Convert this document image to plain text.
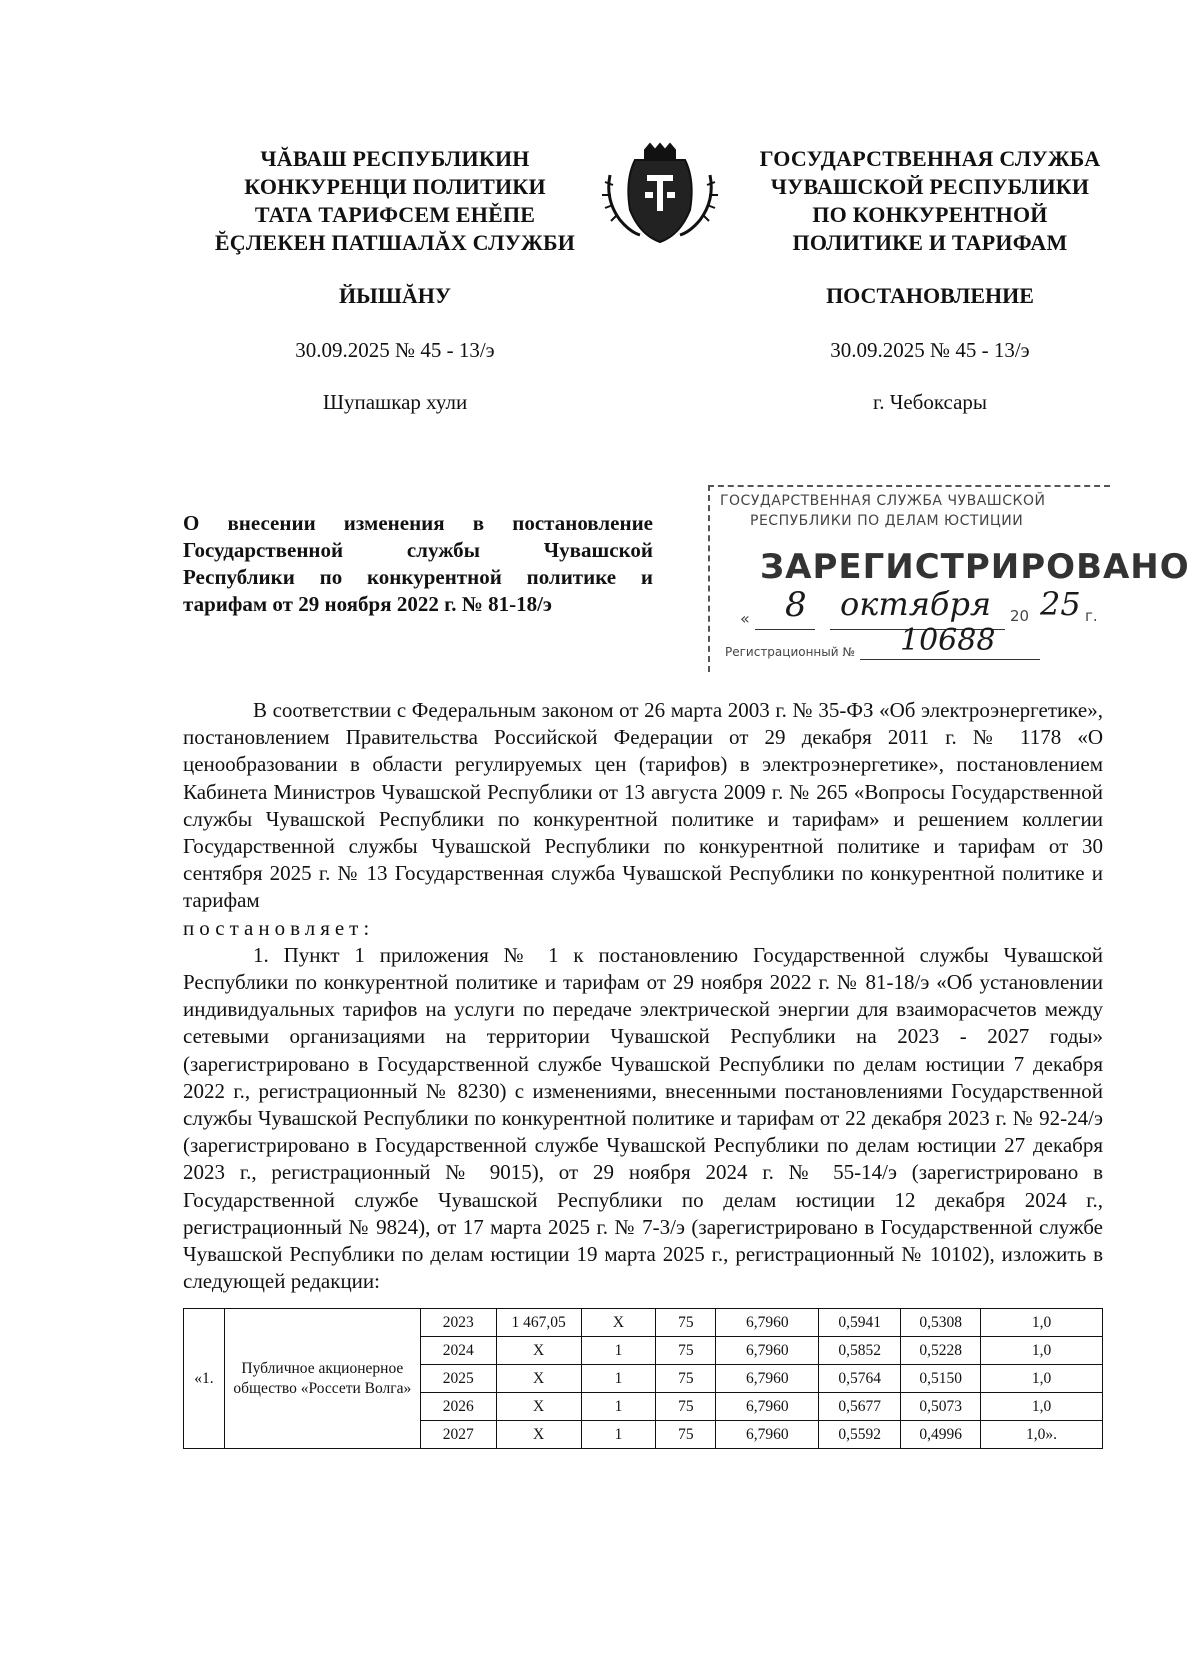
ЧĂВАШ РЕСПУБЛИКИН
КОНКУРЕНЦИ ПОЛИТИКИ
ТАТА ТАРИФСЕМ ЕНĚПЕ
ĔÇЛЕКЕН ПАТШАЛĂХ СЛУЖБИ
ГОСУДАРСТВЕННАЯ СЛУЖБА
ЧУВАШСКОЙ РЕСПУБЛИКИ
ПО КОНКУРЕНТНОЙ
ПОЛИТИКЕ И ТАРИФАМ
ЙЫШĂНУ	ПОСТАНОВЛЕНИЕ
30.09.2025 № 45 - 13/э	30.09.2025 № 45 - 13/э
Шупашкар хули	г. Чебоксары
О внесении изменения в постановление Государственной службы Чувашской Республики по конкурентной политике и тарифам от 29 ноября 2022 г. № 81-18/э
ГОСУДАРСТВЕННАЯ СЛУЖБА ЧУВАШСКОЙ
РЕСПУБЛИКИ ПО ДЕЛАМ ЮСТИЦИИ
ЗАРЕГИСТРИРОВАНО
« 8 октября 20 25 г.
Регистрационный № 10688

В соответствии с Федеральным законом от 26 марта 2003 г. № 35-ФЗ «Об электроэнергетике», постановлением Правительства Российской Федерации от 29 декабря 2011 г. № 1178 «О ценообразовании в области регулируемых цен (тарифов) в электроэнергетике», постановлением Кабинета Министров Чувашской Республики от 13 августа 2009 г. № 265 «Вопросы Государственной службы Чувашской Республики по конкурентной политике и тарифам» и решением коллегии Государственной службы Чувашской Республики по конкурентной политике и тарифам от 30 сентября 2025 г. № 13 Государственная служба Чувашской Республики по конкурентной политике и тарифам

постановляет:

1. Пункт 1 приложения № 1 к постановлению Государственной службы Чувашской Республики по конкурентной политике и тарифам от 29 ноября 2022 г. № 81-18/э «Об установлении индивидуальных тарифов на услуги по передаче электрической энергии для взаиморасчетов между сетевыми организациями на территории Чувашской Республики на 2023 - 2027 годы» (зарегистрировано в Государственной службе Чувашской Республики по делам юстиции 7 декабря 2022 г., регистрационный № 8230) с изменениями, внесенными постановлениями Государственной службы Чувашской Республики по конкурентной политике и тарифам от 22 декабря 2023 г. № 92-24/э (зарегистрировано в Государственной службе Чувашской Республики по делам юстиции 27 декабря 2023 г., регистрационный № 9015), от 29 ноября 2024 г. № 55-14/э (зарегистрировано в Государственной службе Чувашской Республики по делам юстиции 12 декабря 2024 г., регистрационный № 9824), от 17 марта 2025 г. № 7-3/э (зарегистрировано в Государственной службе Чувашской Республики по делам юстиции 19 марта 2025 г., регистрационный № 10102), изложить в следующей редакции:

«1.	Публичное акционерное общество «Россети Волга»	2023	1 467,05	X	75	6,7960	0,5941	0,5308	1,0
		2024	X	1	75	6,7960	0,5852	0,5228	1,0
		2025	X	1	75	6,7960	0,5764	0,5150	1,0
		2026	X	1	75	6,7960	0,5677	0,5073	1,0
		2027	X	1	75	6,7960	0,5592	0,4996	1,0».
